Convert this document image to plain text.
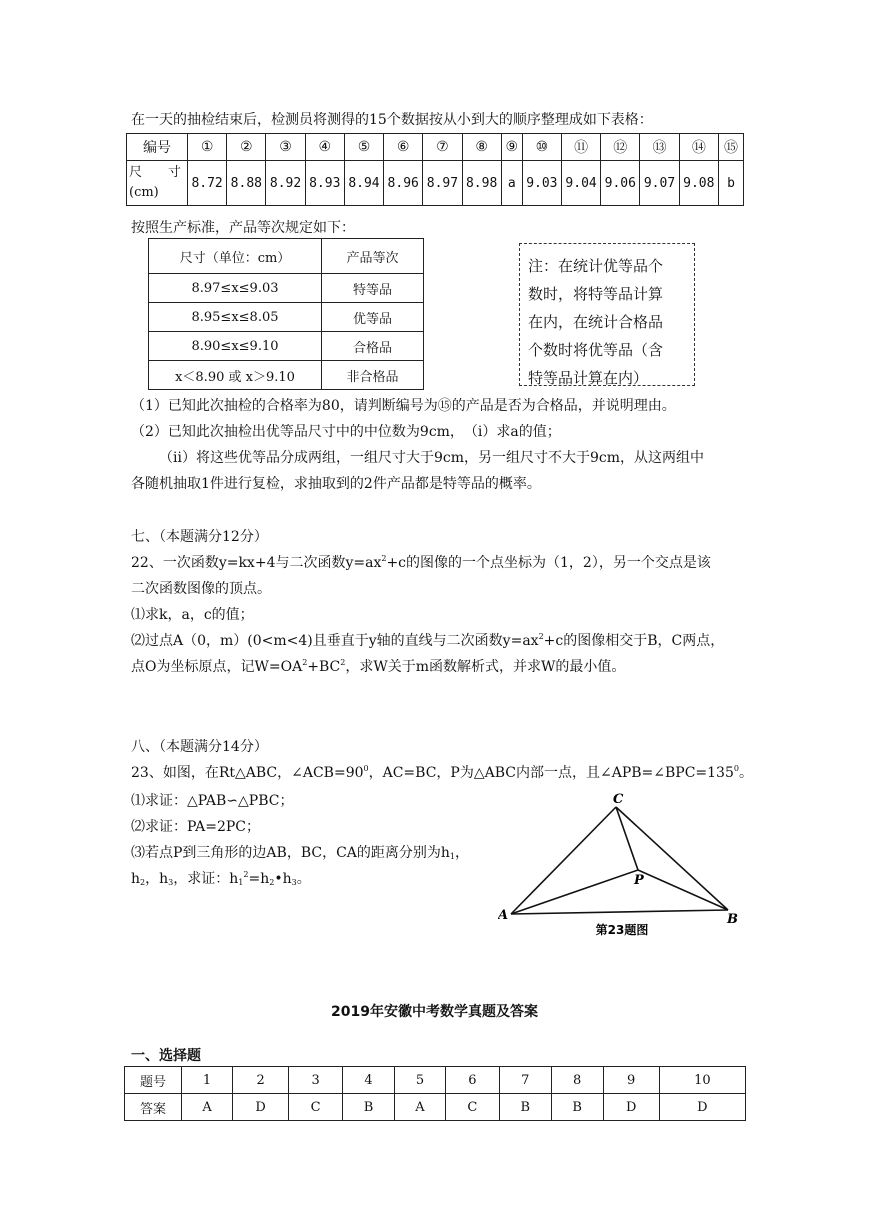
在一天的抽检结束后，检测员将测得的15个数据按从小到大的顺序整理成如下表格：
编号	①	②	③	④	⑤	⑥	⑦	⑧	⑨	⑩	⑪	⑫	⑬	⑭	⑮
尺　　寸
(cm)	8.72	8.88	8.92	8.93	8.94	8.96	8.97	8.98	a	9.03	9.04	9.06	9.07	9.08	b
按照生产标准，产品等次规定如下：
尺寸（单位：cm）	产品等次
8.97≤x≤9.03	特等品
8.95≤x≤8.05	优等品
8.90≤x≤9.10	合格品
x＜8.90 或 x＞9.10	非合格品
注：在统计优等品个
数时，将特等品计算
在内，在统计合格品
个数时将优等品（含
特等品计算在内）
（1）已知此次抽检的合格率为80，请判断编号为⑮的产品是否为合格品，并说明理由。
（2）已知此次抽检出优等品尺寸中的中位数为9cm，　（ⅰ）求a的值；
（ⅱ）将这些优等品分成两组，一组尺寸大于9cm，另一组尺寸不大于9cm，从这两组中
各随机抽取1件进行复检，求抽取到的2件产品都是特等品的概率。
七、（本题满分12分）
22、一次函数y=kx+4与二次函数$y=ax^2+c$的图像的一个点坐标为（1，2），另一个交点是该
二次函数图像的顶点。
⑴求k，a，c的值；
⑵过点A（0，m）(0<m<4)且垂直于y轴的直线与二次函数$y=ax^2+c$的图像相交于B，C两点，
点O为坐标原点，记$W=OA^2+BC^2$，求W关于m函数解析式，并求W的最小值。
八、（本题满分14分）
23、如图，在Rt△ABC，$\angle ACB=90^0$，AC=BC，P为△ABC内部一点，且$\angle APB=\angle BPC=135^0$。
⑴求证：△PAB∽△PBC；
⑵求证：PA=2PC；
⑶若点P到三角形的边AB，BC，CA的距离分别为$h_1$，
$h_2$，$h_3$，求证：$h_1^2=h_2•h_3$。
C
A	B
P
第23题图
2019年安徽中考数学真题及答案
一、选择题
题号	1	2	3	4	5	6	7	8	9	10
答案	A	D	C	B	A	C	B	B	D	D
